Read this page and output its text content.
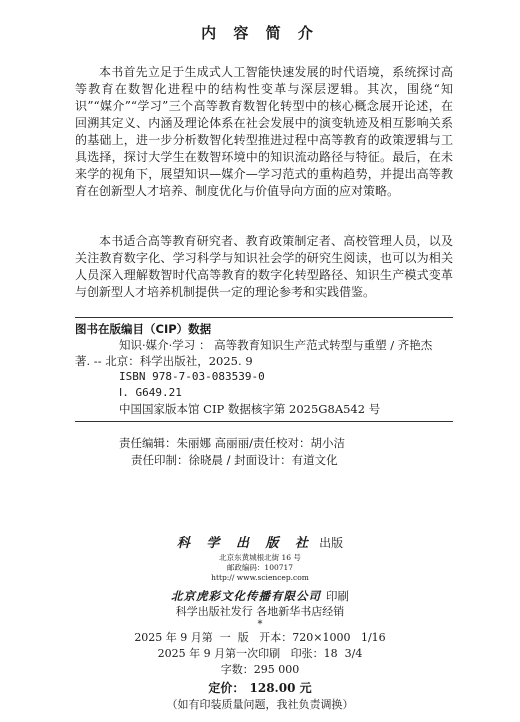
内 容 简 介

本书首先立足于生成式人工智能快速发展的时代语境，系统探讨高等教育在数智化进程中的结构性变革与深层逻辑。其次，围绕“知识”“媒介”“学习”三个高等教育数智化转型中的核心概念展开论述，在回溯其定义、内涵及理论体系在社会发展中的演变轨迹及相互影响关系的基础上，进一步分析数智化转型推进过程中高等教育的政策逻辑与工具选择，探讨大学生在数智环境中的知识流动路径与特征。最后，在未来学的视角下，展望知识—媒介—学习范式的重构趋势，并提出高等教育在创新型人才培养、制度优化与价值导向方面的应对策略。

本书适合高等教育研究者、教育政策制定者、高校管理人员，以及关注教育数字化、学习科学与知识社会学的研究生阅读，也可以为相关人员深入理解数智时代高等教育的数字化转型路径、知识生产模式变革与创新型人才培养机制提供一定的理论参考和实践借鉴。

图书在版编目（CIP）数据
知识·媒介·学习 ： 高等教育知识生产范式转型与重塑 / 齐艳杰
著. -- 北京：科学出版社，2025. 9
ISBN 978-7-03-083539-0
Ⅰ. G649.21
中国国家版本馆 CIP 数据核字第 2025G8A542 号
责任编辑：朱丽娜 高丽丽/责任校对：胡小洁
责任印制：徐晓晨 / 封面设计：有道文化
科 学 出 版 社 出版
北京东黄城根北街 16 号
邮政编码：100717
http:// www.sciencep.com
北京虎彩文化传播有限公司 印刷
科学出版社发行 各地新华书店经销
*
2025 年 9 月第  一  版   开本：720×1000   1/16
2025 年 9 月第一次印刷   印张：18  3/4
字数：295 000
定价： 128.00 元
（如有印装质量问题，我社负责调换）
